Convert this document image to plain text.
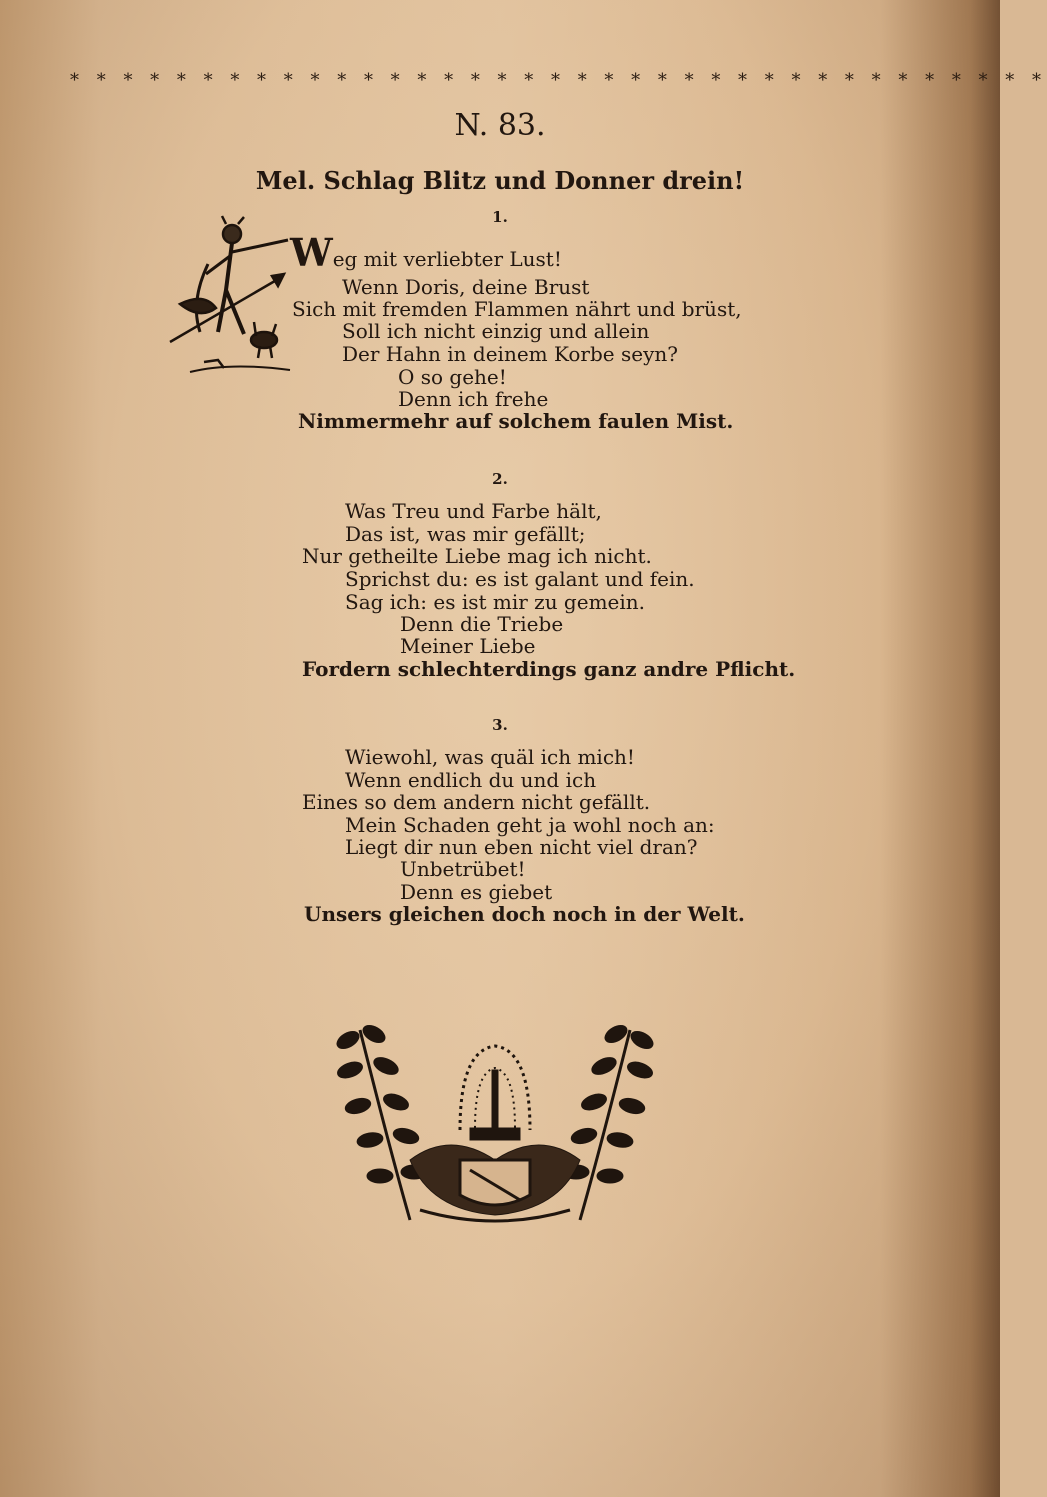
* * * * * * * * * * * * * * * * * * * * * * * * * * * * * * * * * * * * *
N. 83.
Mel. Schlag Blitz und Donner drein!
1.
Weg mit verliebter Lust!
Wenn Doris, deine Brust
Sich mit fremden Flammen nährt und brüst,
Soll ich nicht einzig und allein
Der Hahn in deinem Korbe seyn?
O so gehe!
Denn ich frehe
Nimmermehr auf solchem faulen Mist.
2.
Was Treu und Farbe hält,
Das ist, was mir gefällt;
Nur getheilte Liebe mag ich nicht.
Sprichst du: es ist galant und fein.
Sag ich: es ist mir zu gemein.
Denn die Triebe
Meiner Liebe
Fordern schlechterdings ganz andre Pflicht.
3.
Wiewohl, was quäl ich mich!
Wenn endlich du und ich
Eines so dem andern nicht gefällt.
Mein Schaden geht ja wohl noch an:
Liegt dir nun eben nicht viel dran?
Unbetrübet!
Denn es giebet
Unsers gleichen doch noch in der Welt.
